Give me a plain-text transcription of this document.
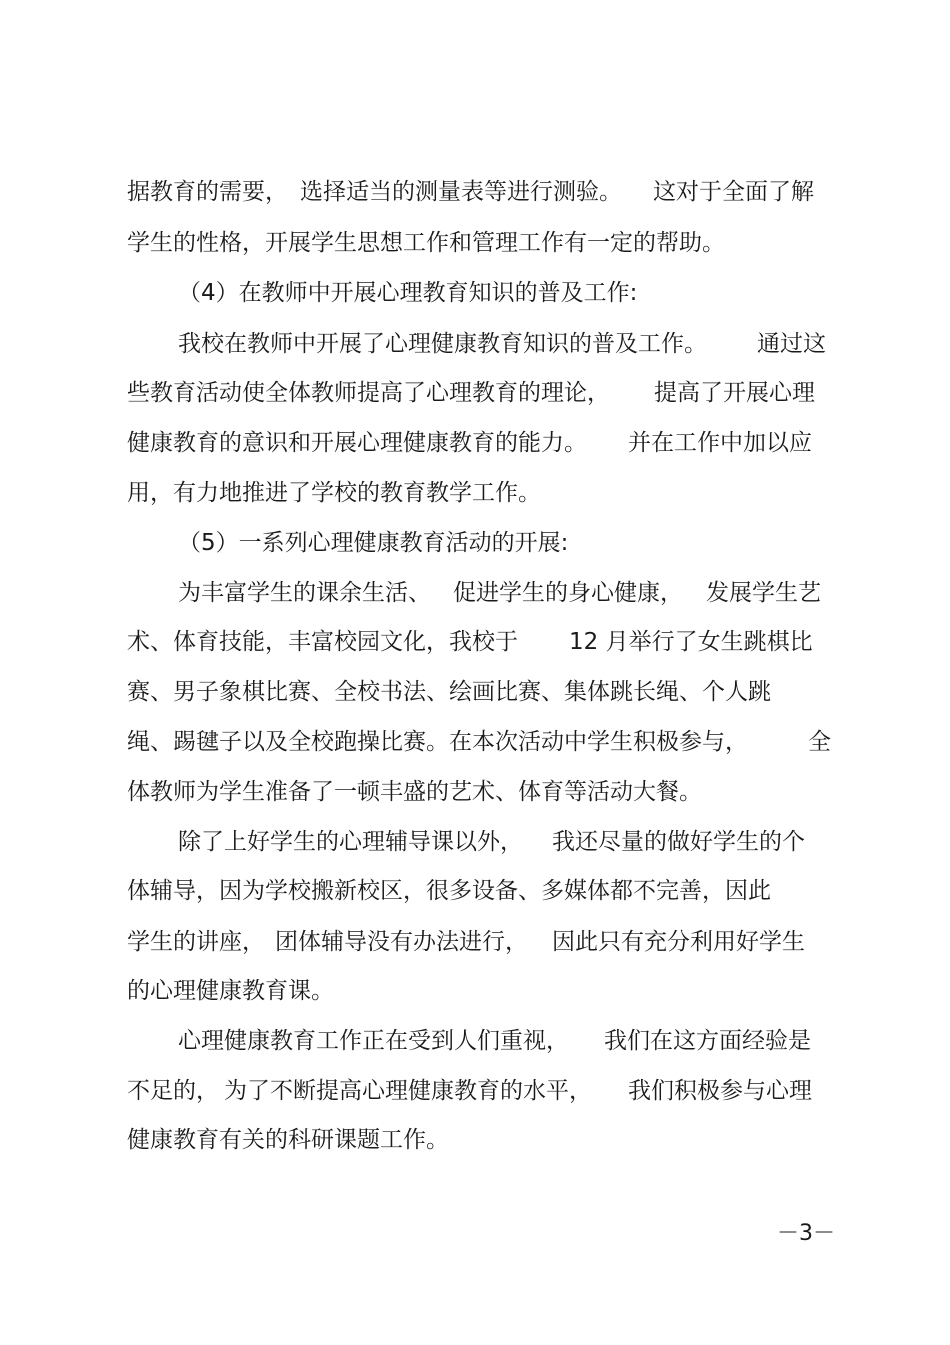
据教育的需要， 选择适当的测量表等进行测验。 这对于全面了解
学生的性格，开展学生思想工作和管理工作有一定的帮助。
（4）在教师中开展心理教育知识的普及工作:
我校在教师中开展了心理健康教育知识的普及工作。 通过这
些教育活动使全体教师提高了心理教育的理论， 提高了开展心理
健康教育的意识和开展心理健康教育的能力。 并在工作中加以应
用，有力地推进了学校的教育教学工作。
（5）一系列心理健康教育活动的开展:
为丰富学生的课余生活、 促进学生的身心健康， 发展学生艺
术、体育技能，丰富校园文化，我校于 12 月举行了女生跳棋比
赛、男子象棋比赛、全校书法、绘画比赛、集体跳长绳、个人跳
绳、踢毽子以及全校跑操比赛。在本次活动中学生积极参与，	全
体教师为学生准备了一顿丰盛的艺术、体育等活动大餐。
除了上好学生的心理辅导课以外， 我还尽量的做好学生的个
体辅导，因为学校搬新校区，很多设备、多媒体都不完善，因此
学生的讲座， 团体辅导没有办法进行， 因此只有充分利用好学生
的心理健康教育课。
心理健康教育工作正在受到人们重视， 我们在这方面经验是
不足的， 为了不断提高心理健康教育的水平， 我们积极参与心理
健康教育有关的科研课题工作。
－3－
